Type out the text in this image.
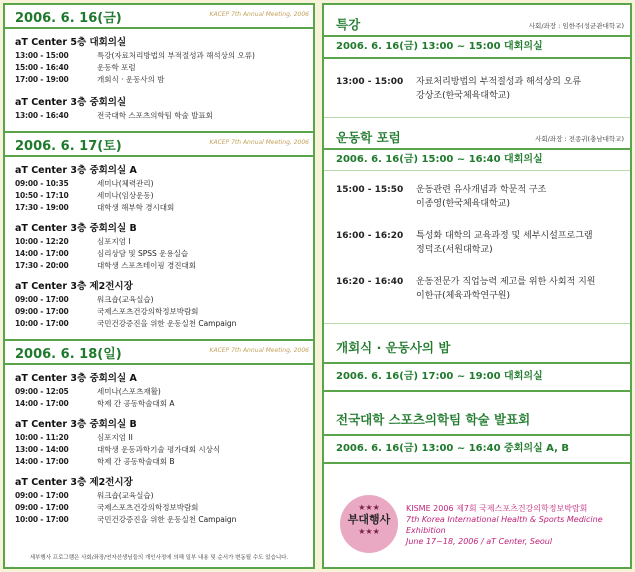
2006. 6. 16(금)	KACEP 7th Annual Meeting, 2006
aT Center 5층 대회의실
13:00 - 15:00	특강(자료처리방법의 부적절성과 해석상의 오류)
15:00 - 16:40	운동학 포럼
17:00 - 19:00	개회식 · 운동사의 밤
aT Center 3층 중회의실
13:00 - 16:40	전국대학 스포츠의학팀 학술 발표회
2006. 6. 17(토)	KACEP 7th Annual Meeting, 2006
aT Center 3층 중회의실 A
09:00 - 10:35	세미나(체력관리)
10:50 - 17:10	세미나(임상운동)
17:30 - 19:00	대학생 해부학 경시대회
aT Center 3층 중회의실 B
10:00 - 12:20	심포지엄 I
14:00 - 17:00	심리상담 및 SPSS 운용실습
17:30 - 20:00	대학생 스포츠테이핑 경진대회
aT Center 3층 제2전시장
09:00 - 17:00	워크숍(교육실습)
09:00 - 17:00	국제스포츠건강의학정보박람회
10:00 - 17:00	국민건강증진을 위한 운동실천 Campaign
2006. 6. 18(일)	KACEP 7th Annual Meeting, 2006
aT Center 3층 중회의실 A
09:00 - 12:05	세미나(스포츠재활)
14:00 - 17:00	학제 간 공동학술대회 A
aT Center 3층 중회의실 B
10:00 - 11:20	심포지엄 II
13:00 - 14:00	대학생 운동과학기술 평가대회 시상식
14:00 - 17:00	학제 간 공동학술대회 B
aT Center 3층 제2전시장
09:00 - 17:00	워크숍(교육실습)
09:00 - 17:00	국제스포츠건강의학정보박람회
10:00 - 17:00	국민건강증진을 위한 운동실천 Campaign
세부행사 프로그램은 사회/좌장/연자선생님들의 개인사정에 의해 일부 내용 및 순서가 변동될 수도 있습니다.
특강	사회/좌장 : 임한주(성균관대학교)
2006. 6. 16(금) 13:00 ~ 15:00 대회의실
13:00 - 15:00	자료처리방법의 부적절성과 해석상의 오류
강상조(한국체육대학교)
운동학 포럼	사회/좌장 : 전종귀(충남대학교)
2006. 6. 16(금) 15:00 ~ 16:40 대회의실
15:00 - 15:50	운동관련 유사개념과 학문적 구조
이종영(한국체육대학교)
16:00 - 16:20	특성화 대학의 교육과정 및 세부시설프로그램
정덕조(서원대학교)
16:20 - 16:40	운동전문가 직업능력 제고를 위한 사회적 지원
이한규(체육과학연구원)
개회식 · 운동사의 밤
2006. 6. 16(금) 17:00 ~ 19:00 대회의실
전국대학 스포츠의학팀 학술 발표회
2006. 6. 16(금) 13:00 ~ 16:40 중회의실 A, B
★★★
부대행사
★★★
KISME 2006 제7회 국제스포츠건강의학정보박람회
7th Korea International Health & Sports Medicine Exhibition
June 17~18, 2006 / aT Center, Seoul
